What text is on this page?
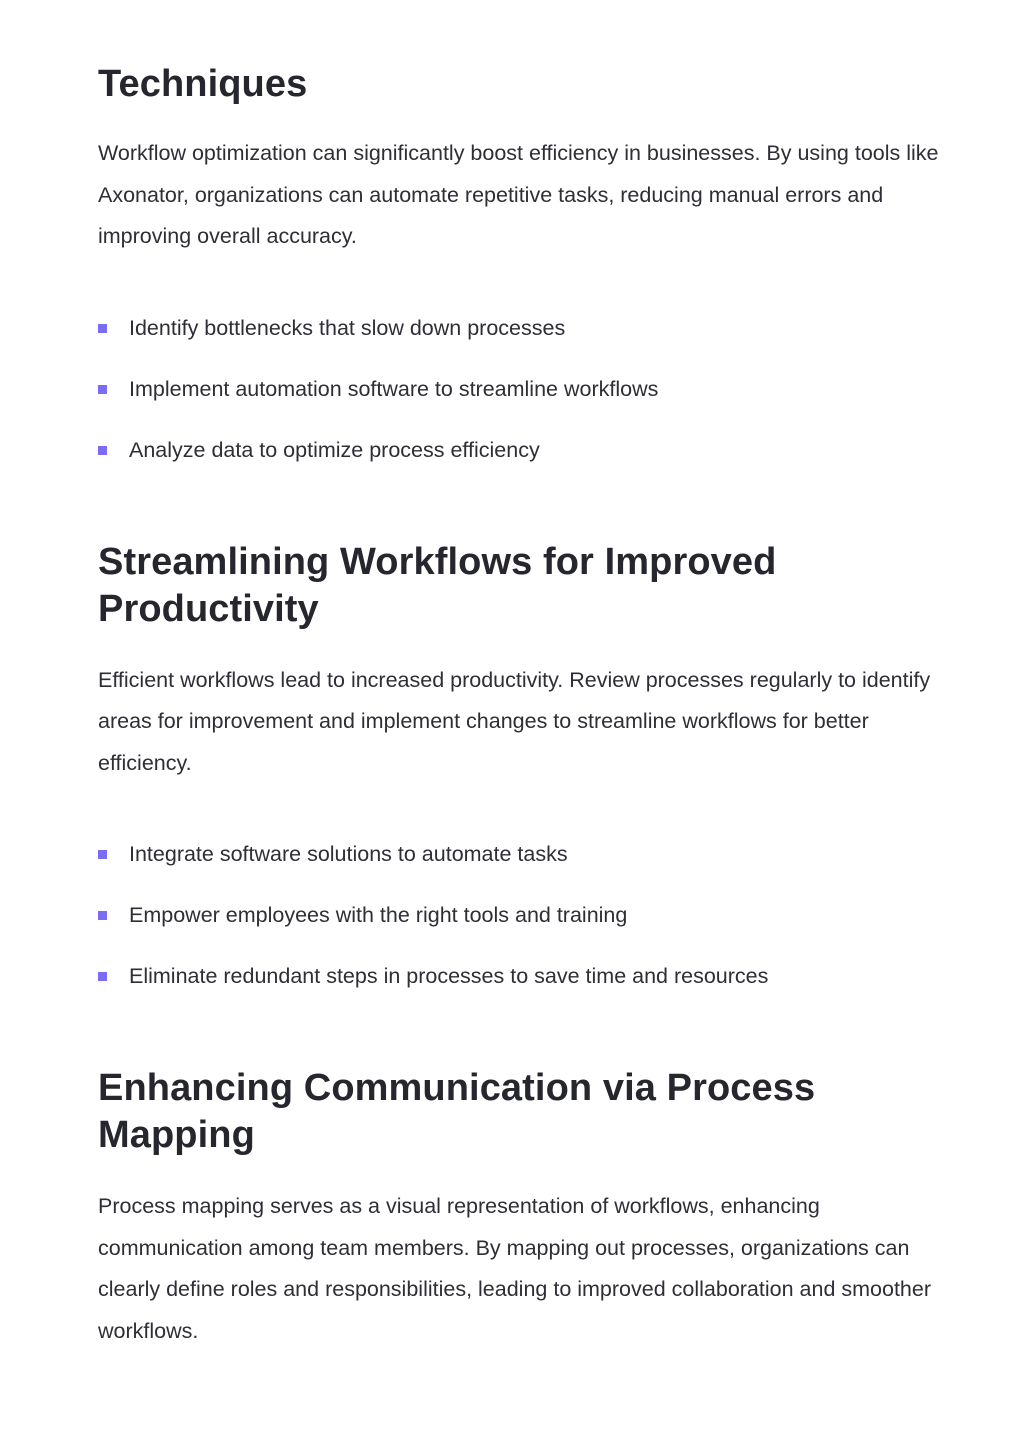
Techniques

Workflow optimization can significantly boost efficiency in businesses. By using tools like Axonator, organizations can automate repetitive tasks, reducing manual errors and improving overall accuracy.

Identify bottlenecks that slow down processes
Implement automation software to streamline workflows
Analyze data to optimize process efficiency
Streamlining Workflows for Improved Productivity

Efficient workflows lead to increased productivity. Review processes regularly to identify areas for improvement and implement changes to streamline workflows for better efficiency.

Integrate software solutions to automate tasks
Empower employees with the right tools and training
Eliminate redundant steps in processes to save time and resources
Enhancing Communication via Process Mapping

Process mapping serves as a visual representation of workflows, enhancing communication among team members. By mapping out processes, organizations can clearly define roles and responsibilities, leading to improved collaboration and smoother workflows.
